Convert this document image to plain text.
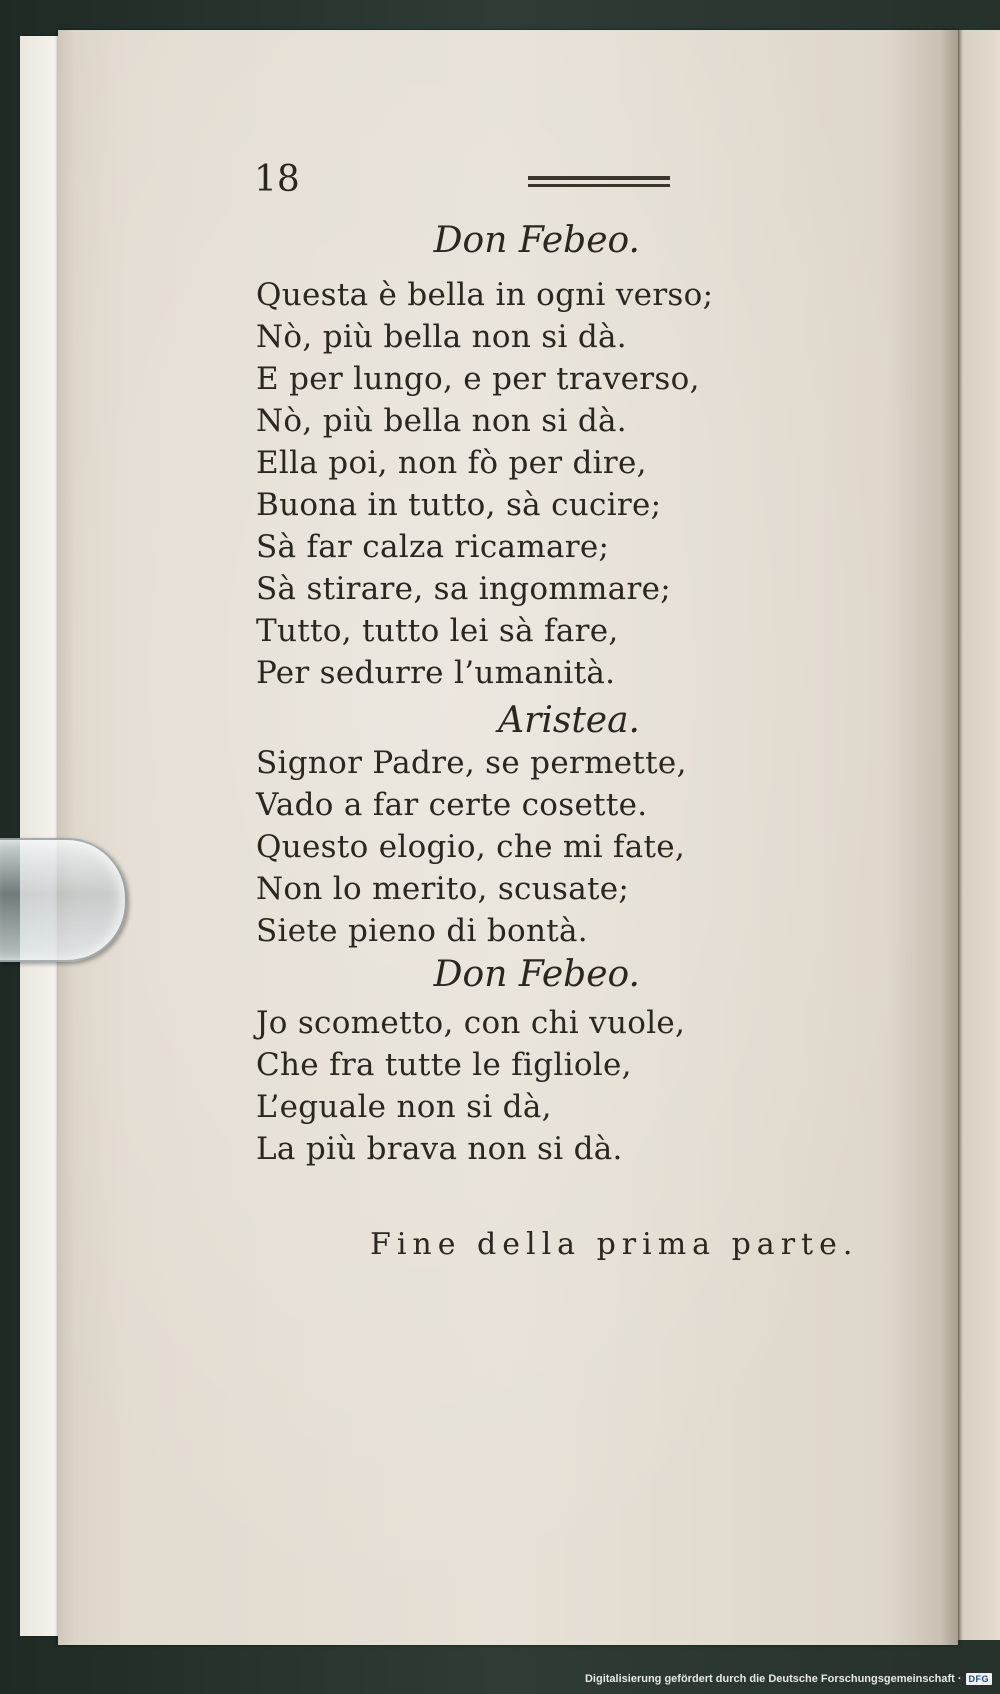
18
Don Febeo.
Questa è bella in ogni verso;
Nò, più bella non si dà.
E per lungo, e per traverso,
Nò, più bella non si dà.
Ella poi, non fò per dire,
Buona in tutto, sà cucire;
Sà far calza ricamare;
Sà stirare, sa ingommare;
Tutto, tutto lei sà fare,
Per sedurre l’umanità.
Aristea.
Signor Padre, se permette,
Vado a far certe cosette.
Questo elogio, che mi fate,
Non lo merito, scusate;
Siete pieno di bontà.
Don Febeo.
Jo scometto, con chi vuole,
Che fra tutte le figliole,
L’eguale non si dà,
La più brava non si dà.
Fine della prima parte.
Digitalisierung gefördert durch die Deutsche Forschungsgemeinschaft · DFG
